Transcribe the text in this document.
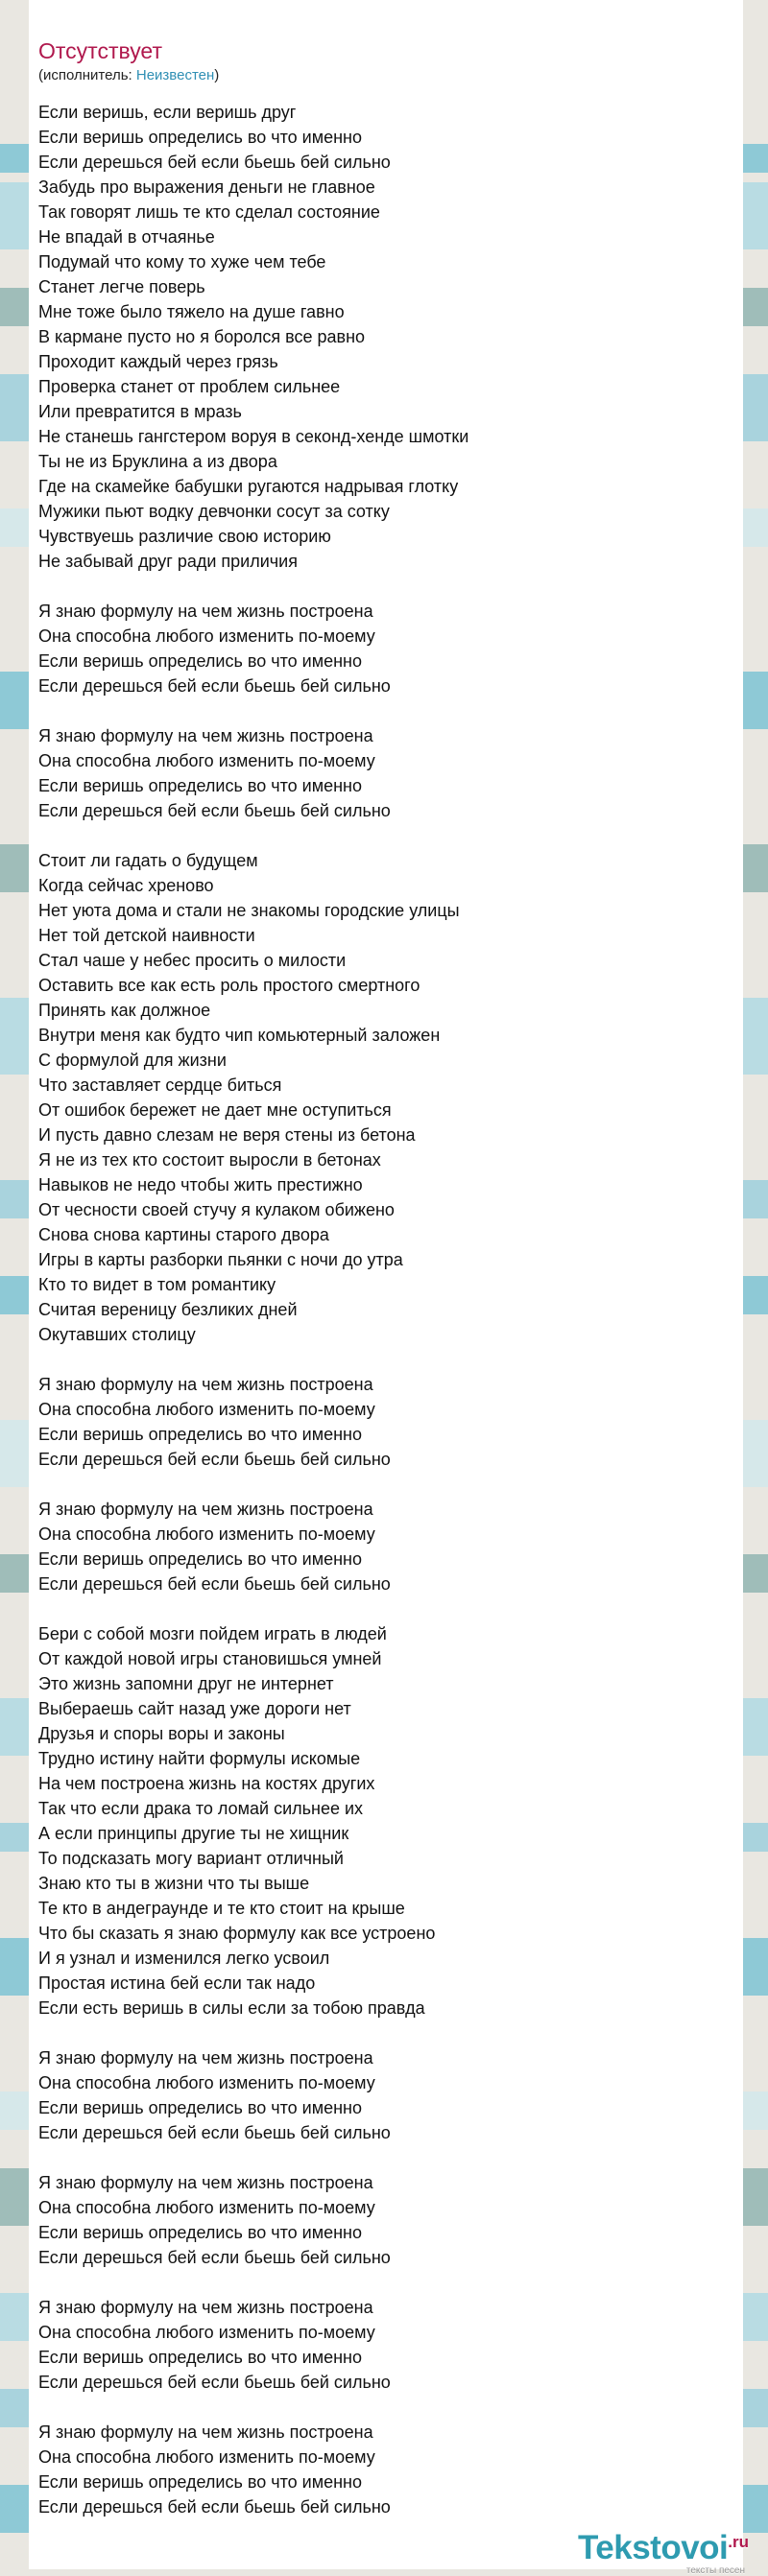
Отсутствует
(исполнитель: Неизвестен)
Если веришь, если веришь друг
Если веришь определись во что именно
Если дерешься бей если бьешь бей сильно
Забудь про выражения деньги не главное
Так говорят лишь те кто сделал состояние
Не впадай в отчаянье
Подумай что кому то хуже чем тебе
Станет легче поверь
Мне тоже было тяжело на душе гавно
В кармане пусто но я боролся все равно
Проходит каждый через грязь
Проверка станет от проблем сильнее
Или превратится в мразь
Не станешь гангстером воруя в секонд-хенде шмотки
Ты не из Бруклина а из двора
Где на скамейке бабушки ругаются надрывая глотку
Мужики пьют водку девчонки сосут за сотку
Чувствуешь различие свою историю
Не забывай друг ради приличия
Я знаю формулу на чем жизнь построена
Она способна любого изменить по-моему
Если веришь определись во что именно
Если дерешься бей если бьешь бей сильно
Я знаю формулу на чем жизнь построена
Она способна любого изменить по-моему
Если веришь определись во что именно
Если дерешься бей если бьешь бей сильно
Стоит ли гадать о будущем
Когда сейчас хреново
Нет уюта дома и стали не знакомы городские улицы
Нет той детской наивности
Стал чаше у небес просить о милости
Оставить все как есть роль простого смертного
Принять как должное
Внутри меня как будто чип комьютерный заложен
С формулой для жизни
Что заставляет сердце биться
От ошибок бережет не дает мне оступиться
И пусть давно слезам не веря стены из бетона
Я не из тех кто состоит выросли в бетонах
Навыков не недо чтобы жить престижно
От чесности своей стучу я кулаком обижено
Снова снова картины старого двора
Игры в карты разборки пьянки с ночи до утра
Кто то видет в том романтику
Считая вереницу безликих дней
Окутавших столицу
Я знаю формулу на чем жизнь построена
Она способна любого изменить по-моему
Если веришь определись во что именно
Если дерешься бей если бьешь бей сильно
Я знаю формулу на чем жизнь построена
Она способна любого изменить по-моему
Если веришь определись во что именно
Если дерешься бей если бьешь бей сильно
Бери с собой мозги пойдем играть в людей
От каждой новой игры становишься умней
Это жизнь запомни друг не интернет
Выбераешь сайт назад уже дороги нет
Друзья и споры воры и законы
Трудно истину найти формулы искомые
На чем построена жизнь на костях других
Так что если драка то ломай сильнее их
А если принципы другие ты не хищник
То подсказать могу вариант отличный
Знаю кто ты в жизни что ты выше
Те кто в андеграунде и те кто стоит на крыше
Что бы сказать я знаю формулу как все устроено
И я узнал и изменился легко усвоил
Простая истина бей если так надо
Если есть веришь в силы если за тобою правда
Я знаю формулу на чем жизнь построена
Она способна любого изменить по-моему
Если веришь определись во что именно
Если дерешься бей если бьешь бей сильно
Я знаю формулу на чем жизнь построена
Она способна любого изменить по-моему
Если веришь определись во что именно
Если дерешься бей если бьешь бей сильно
Я знаю формулу на чем жизнь построена
Она способна любого изменить по-моему
Если веришь определись во что именно
Если дерешься бей если бьешь бей сильно
Я знаю формулу на чем жизнь построена
Она способна любого изменить по-моему
Если веришь определись во что именно
Если дерешься бей если бьешь бей сильно
Tekstovoi$^{.ru}$
тексты песен
